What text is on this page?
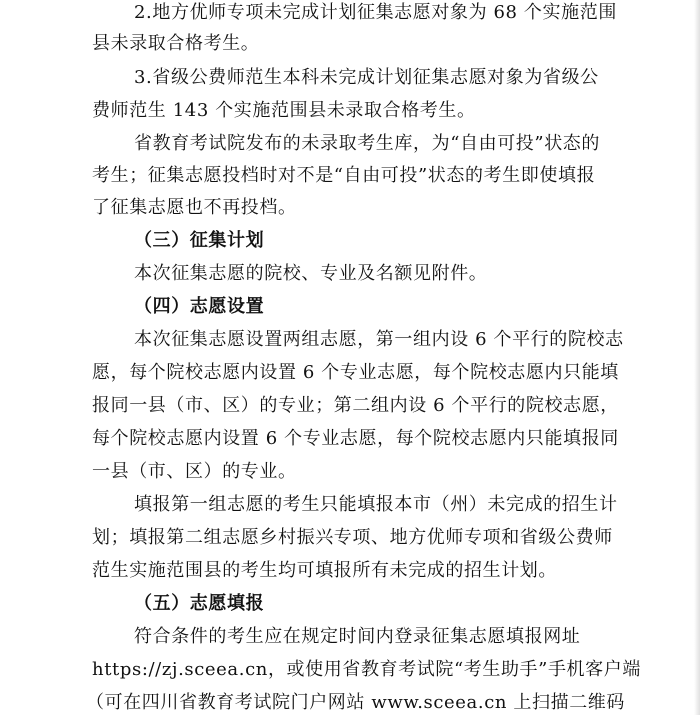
2.地方优师专项未完成计划征集志愿对象为 68 个实施范围
县未录取合格考生。
3.省级公费师范生本科未完成计划征集志愿对象为省级公
费师范生 143 个实施范围县未录取合格考生。
省教育考试院发布的未录取考生库，为“自由可投”状态的
考生；征集志愿投档时对不是“自由可投”状态的考生即使填报
了征集志愿也不再投档。
（三）征集计划
本次征集志愿的院校、专业及名额见附件。
（四）志愿设置
本次征集志愿设置两组志愿，第一组内设 6 个平行的院校志
愿，每个院校志愿内设置 6 个专业志愿，每个院校志愿内只能填
报同一县（市、区）的专业；第二组内设 6 个平行的院校志愿，
每个院校志愿内设置 6 个专业志愿，每个院校志愿内只能填报同
一县（市、区）的专业。
填报第一组志愿的考生只能填报本市（州）未完成的招生计
划；填报第二组志愿乡村振兴专项、地方优师专项和省级公费师
范生实施范围县的考生均可填报所有未完成的招生计划。
（五）志愿填报
符合条件的考生应在规定时间内登录征集志愿填报网址
https://zj.sceea.cn，或使用省教育考试院“考生助手”手机客户端
（可在四川省教育考试院门户网站 www.sceea.cn 上扫描二维码
